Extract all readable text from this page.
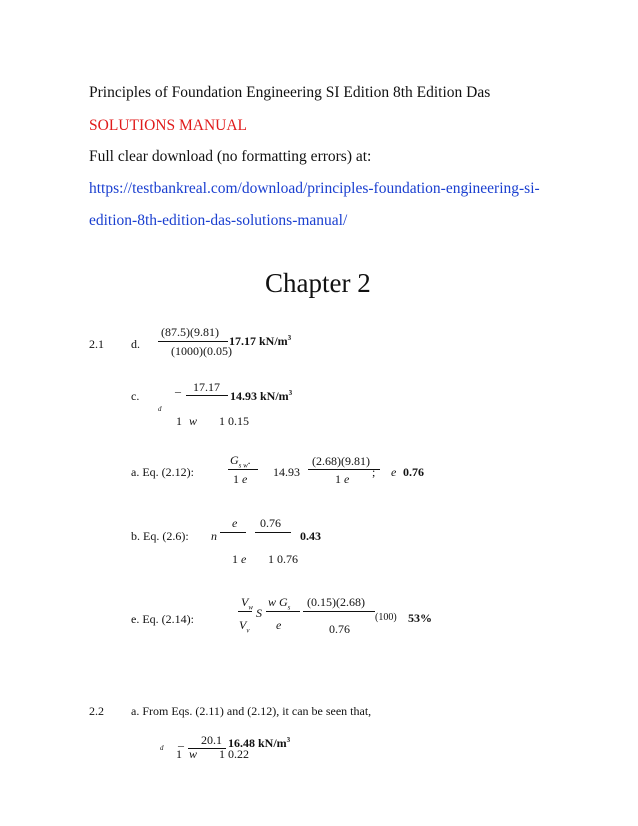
Principles of Foundation Engineering SI Edition 8th Edition Das
SOLUTIONS MANUAL
Full clear download (no formatting errors) at:
https://testbankreal.com/download/principles-foundation-engineering-si-
edition-8th-edition-das-solutions-manual/
Chapter 2
2.1 d.
(87.5)(9.81)
(1000)(0.05)
17.17 $kN/m^3$
c.	– 17.17
14.93 $kN/m^3$
d
1 w 1 0.15
a. Eq. (2.12):
$G_{s w}$.
1 e 14.93
(2.68)(9.81)
1 e ; e 0.76
b. Eq. (2.6): n
e 0.76
0.43
1 e 1 0.76
e. Eq. (2.14):
$V_w$
$V_v$
S
w $G_s$
e
(0.15)(2.68)
0.76
(100) 53%
2.2 a. From Eqs. (2.11) and (2.12), it can be seen that,
–
d
20.1 16.48 $kN/m^3$
1 w 1 0.22
